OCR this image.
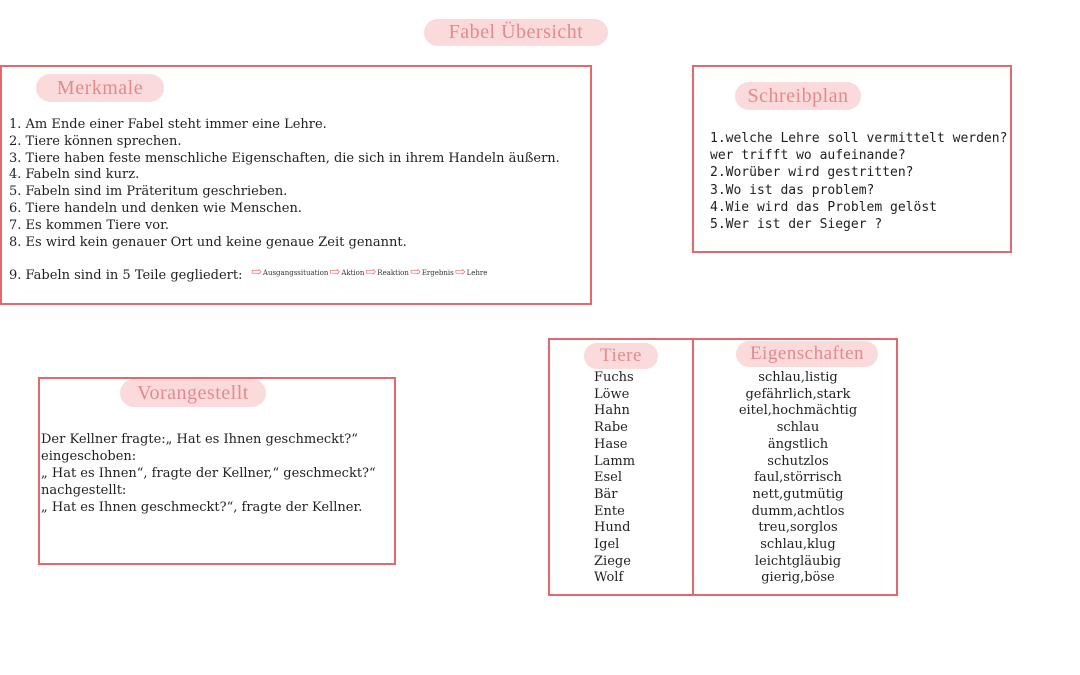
Fabel Übersicht
Merkmale
1. Am Ende einer Fabel steht immer eine Lehre.
2. Tiere können sprechen.
3. Tiere haben feste menschliche Eigenschaften, die sich in ihrem Handeln äußern.
4. Fabeln sind kurz.
5. Fabeln sind im Präteritum geschrieben.
6. Tiere handeln und denken wie Menschen.
7. Es kommen Tiere vor.
8. Es wird kein genauer Ort und keine genaue Zeit genannt.
9. Fabeln sind in 5 Teile gegliedert: ⇨ Ausgangssituation ⇨ Aktion ⇨ Reaktion ⇨ Ergebnis ⇨ Lehre
Schreibplan
1.welche Lehre soll vermittelt werden?
wer trifft wo aufeinande?
2.Worüber wird gestritten?
3.Wo ist das problem?
4.Wie wird das Problem gelöst
5.Wer ist der Sieger ?
Vorangestellt
Der Kellner fragte:„ Hat es Ihnen geschmeckt?“
eingeschoben:
„ Hat es Ihnen“, fragte der Kellner,“ geschmeckt?“
nachgestellt:
„ Hat es Ihnen geschmeckt?“, fragte der Kellner.
Tiere	Eigenschaften
Fuchs
Löwe
Hahn
Rabe
Hase
Lamm
Esel
Bär
Ente
Hund
Igel
Ziege
Wolf
schlau,listig
gefährlich,stark
eitel,hochmächtig
schlau
ängstlich
schutzlos
faul,störrisch
nett,gutmütig
dumm,achtlos
treu,sorglos
schlau,klug
leichtgläubig
gierig,böse
